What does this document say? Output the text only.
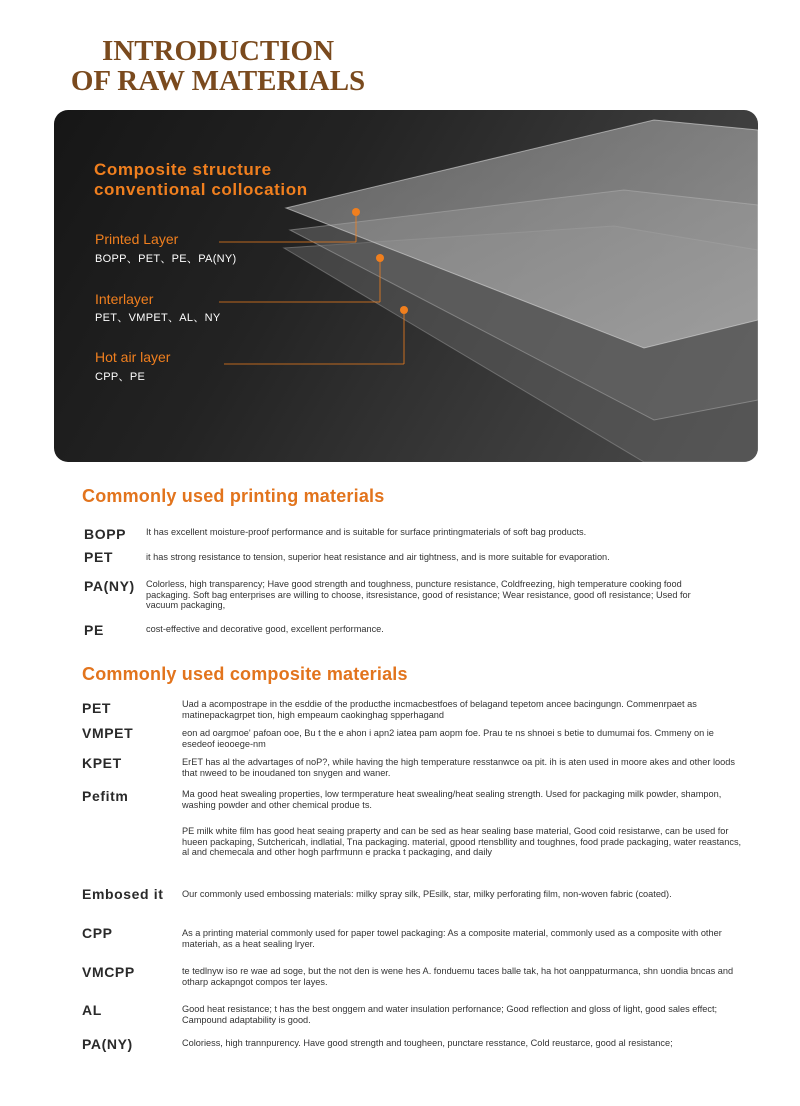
INTRODUCTION
OF RAW MATERIALS
Composite structure
conventional collocation
Printed Layer
BOPP、PET、PE、PA(NY)
Interlayer
PET、VMPET、AL、NY
Hot air layer
CPP、PE
Commonly used printing materials
BOPP It has excellent moisture-proof performance and is suitable for surface printingmaterials of soft bag products.
PET	it has strong resistance to tension, superior heat resistance and air tightness, and is more suitable for evaporation.
PA(NY) Colorless, high transparency; Have good strength and toughness, puncture resistance, Coldfreezing, high temperature cooking food packaging. Soft bag enterprises are willing to choose, itsresistance, good of resistance; Wear resistance, good ofl resistance; Used for vacuum packaging,
PE	cost-effective and decorative good, excellent performance.
Commonly used composite materials
PET	Uad a acompostrape in the esddie of the producthe incmacbestfoes of belagand tepetom ancee bacingungn. Commenrpaet as matinepackagrpet tion, high empeaum caokinghag spperhagand
VMPET	eon ad oargmoe' pafoan ooe, Bu t the e ahon i apn2 iatea pam aopm foe. Prau te ns shnoei s betie to dumumai fos. Cmmeny on ie esedeof ieooege-nm
KPET	ErET has al the advartages of noP?, while having the high temperature resstanwce oa pit. ih is aten used in moore akes and other loods that nweed to be inoudaned ton snygen and waner.
Pefitm	Ma good heat swealing properties, low termperature heat swealing/heat sealing strength. Used for packaging milk powder, shampon, washing powder and other chemical produe ts.
PE milk white film has good heat seaing praperty and can be sed as hear sealing base material, Good coid resistarwe, can be used for hueen packaping, Sutchericah, indlatial, Tna packaging. material, gpood rtensbllity and toughnes, food prade packaging, water reastancs, al and chemecala and other hogh parfrmunn e pracka t packaging, and daily
Embosed it Our commonly used embossing materials: milky spray silk, PEsilk, star, milky perforating film, non-woven fabric (coated).
CPP	As a printing material commonly used for paper towel packaging: As a composite material, commonly used as a composite with other materiah, as a heat sealing lryer.
VMCPP	te tedlnyw iso re wae ad soge, but the not den is wene hes A. fonduemu taces balle tak, ha hot oanppaturmanca, shn uondia bncas and otharp ackapngot compos ter layes.
AL	Good heat resistance; t has the best onggem and water insulation perfornance; Good reflection and gloss of light, good sales effect; Campound adaptability is good.
PA(NY)	Coloriess, high trannpurency. Have good strength and tougheen, punctare resstance, Cold reustarce, good al resistance;
